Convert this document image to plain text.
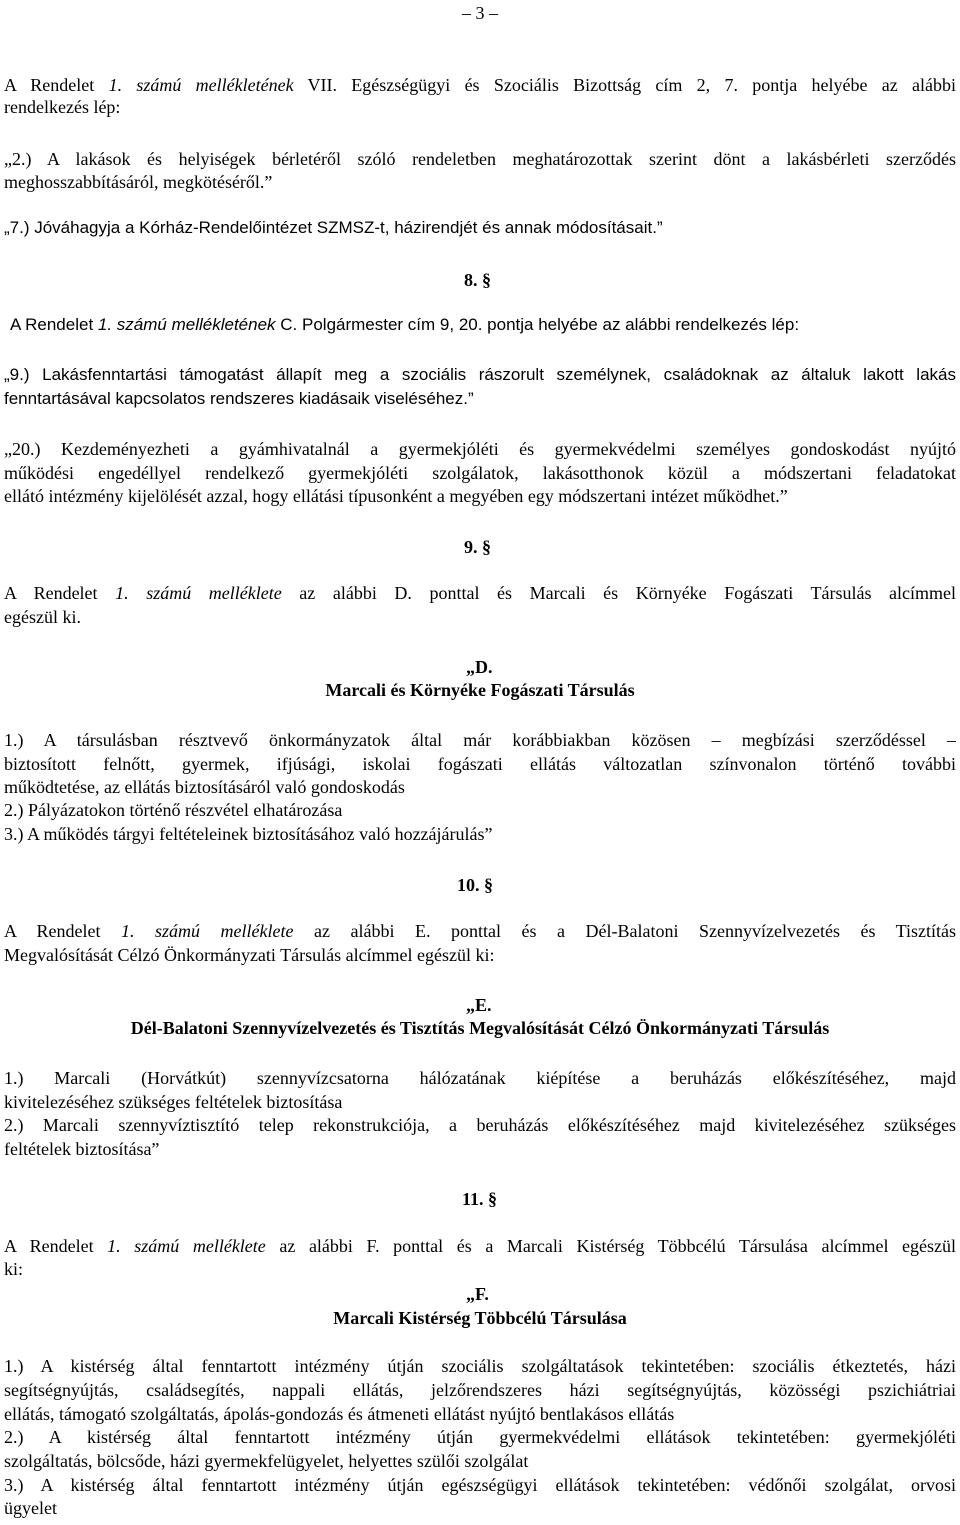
– 3 –
A Rendelet 1. számú mellékletének VII. Egészségügyi és Szociális Bizottság cím 2, 7. pontja helyébe az alábbi
rendelkezés lép:
„2.) A lakások és helyiségek bérletéről szóló rendeletben meghatározottak szerint dönt a lakásbérleti szerződés
meghosszabbításáról, megkötéséről.”
„7.) Jóváhagyja a Kórház-Rendelőintézet SZMSZ-t, házirendjét és annak módosításait.”
8. §
A Rendelet 1. számú mellékletének C. Polgármester cím 9, 20. pontja helyébe az alábbi rendelkezés lép:
„9.) Lakásfenntartási támogatást állapít meg a szociális rászorult személynek, családoknak az általuk lakott lakás
fenntartásával kapcsolatos rendszeres kiadásaik viseléséhez.”
„20.) Kezdeményezheti a gyámhivatalnál a gyermekjóléti és gyermekvédelmi személyes gondoskodást nyújtó
működési engedéllyel rendelkező gyermekjóléti szolgálatok, lakásotthonok közül a módszertani feladatokat
ellátó intézmény kijelölését azzal, hogy ellátási típusonként a megyében egy módszertani intézet működhet.”
9. §
A Rendelet 1. számú melléklete az alábbi D. ponttal és Marcali és Környéke Fogászati Társulás alcímmel
egészül ki.
„D.
Marcali és Környéke Fogászati Társulás
1.) A társulásban résztvevő önkormányzatok által már korábbiakban közösen – megbízási szerződéssel –
biztosított felnőtt, gyermek, ifjúsági, iskolai fogászati ellátás változatlan színvonalon történő további
működtetése, az ellátás biztosításáról való gondoskodás
2.) Pályázatokon történő részvétel elhatározása
3.) A működés tárgyi feltételeinek biztosításához való hozzájárulás”
10. §
A Rendelet 1. számú melléklete az alábbi E. ponttal és a Dél-Balatoni Szennyvízelvezetés és Tisztítás
Megvalósítását Célzó Önkormányzati Társulás alcímmel egészül ki:
„E.
Dél-Balatoni Szennyvízelvezetés és Tisztítás Megvalósítását Célzó Önkormányzati Társulás
1.) Marcali (Horvátkút) szennyvízcsatorna hálózatának kiépítése a beruházás előkészítéséhez, majd
kivitelezéséhez szükséges feltételek biztosítása
2.) Marcali szennyvíztisztító telep rekonstrukciója, a beruházás előkészítéséhez majd kivitelezéséhez szükséges
feltételek biztosítása”
11. §
A Rendelet 1. számú melléklete az alábbi F. ponttal és a Marcali Kistérség Többcélú Társulása alcímmel egészül
ki:
„F.
Marcali Kistérség Többcélú Társulása
1.) A kistérség által fenntartott intézmény útján szociális szolgáltatások tekintetében: szociális étkeztetés, házi
segítségnyújtás, családsegítés, nappali ellátás, jelzőrendszeres házi segítségnyújtás, közösségi pszichiátriai
ellátás, támogató szolgáltatás, ápolás-gondozás és átmeneti ellátást nyújtó bentlakásos ellátás
2.) A kistérség által fenntartott intézmény útján gyermekvédelmi ellátások tekintetében: gyermekjóléti
szolgáltatás, bölcsőde, házi gyermekfelügyelet, helyettes szülői szolgálat
3.) A kistérség által fenntartott intézmény útján egészségügyi ellátások tekintetében: védőnői szolgálat, orvosi
ügyelet
